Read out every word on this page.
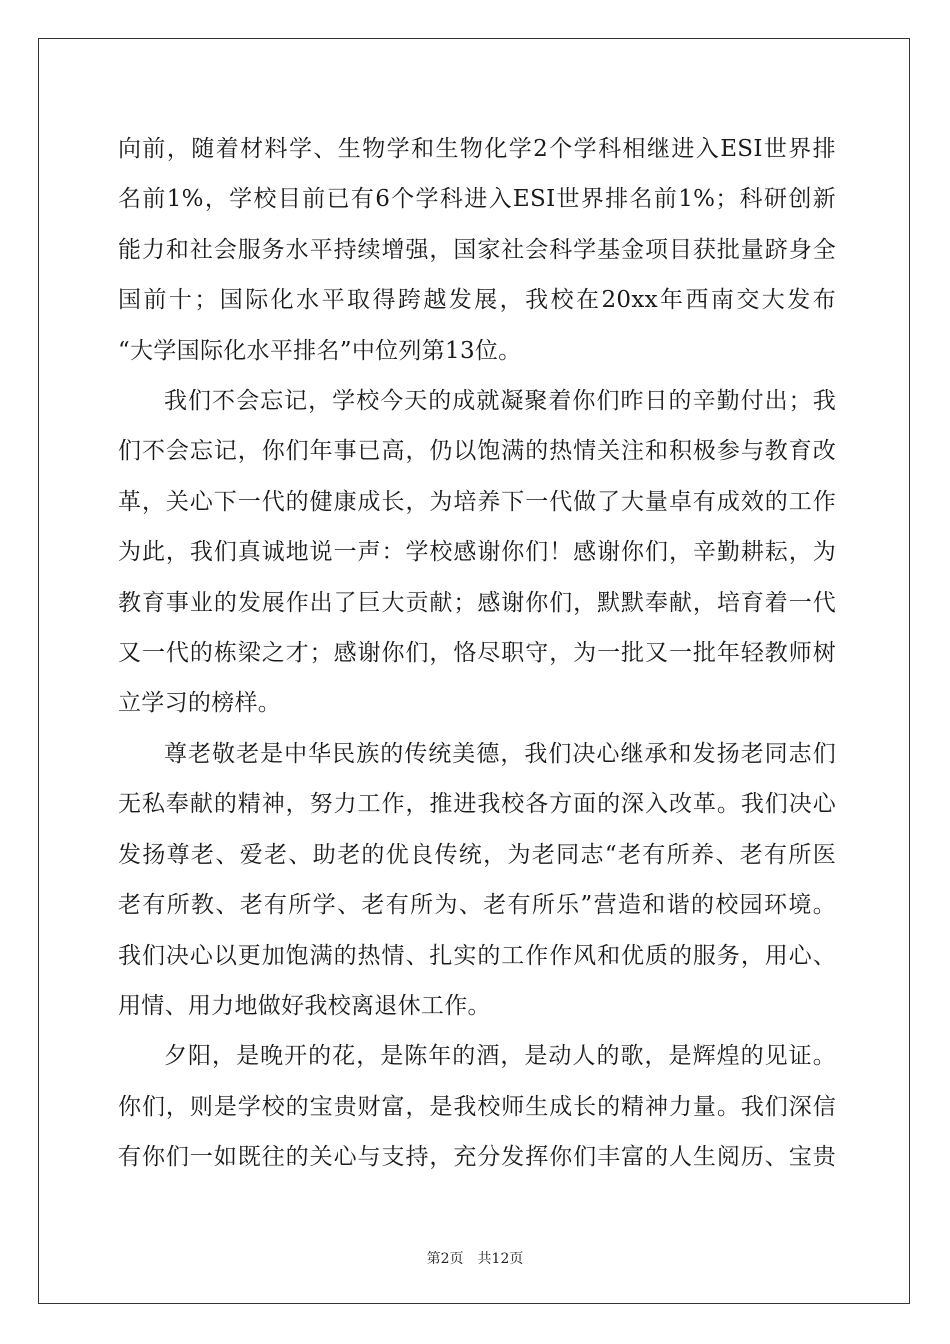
向前，随着材料学、生物学和生物化学2个学科相继进入ESI世界排
名前1%，学校目前已有6个学科进入ESI世界排名前1%；科研创新
能力和社会服务水平持续增强，国家社会科学基金项目获批量跻身全
国前十；国际化水平取得跨越发展，我校在20xx年西南交大发布
“大学国际化水平排名”中位列第13位。

我们不会忘记，学校今天的成就凝聚着你们昨日的辛勤付出；我
们不会忘记，你们年事已高，仍以饱满的热情关注和积极参与教育改
革，关心下一代的健康成长，为培养下一代做了大量卓有成效的工作
为此，我们真诚地说一声：学校感谢你们！感谢你们，辛勤耕耘，为
教育事业的发展作出了巨大贡献；感谢你们，默默奉献，培育着一代
又一代的栋梁之才；感谢你们，恪尽职守，为一批又一批年轻教师树
立学习的榜样。

尊老敬老是中华民族的传统美德，我们决心继承和发扬老同志们
无私奉献的精神，努力工作，推进我校各方面的深入改革。我们决心
发扬尊老、爱老、助老的优良传统，为老同志“老有所养、老有所医
老有所教、老有所学、老有所为、老有所乐”营造和谐的校园环境。
我们决心以更加饱满的热情、扎实的工作作风和优质的服务，用心、
用情、用力地做好我校离退休工作。

夕阳，是晚开的花，是陈年的酒，是动人的歌，是辉煌的见证。
你们，则是学校的宝贵财富，是我校师生成长的精神力量。我们深信
有你们一如既往的关心与支持，充分发挥你们丰富的人生阅历、宝贵

第2页 共12页
